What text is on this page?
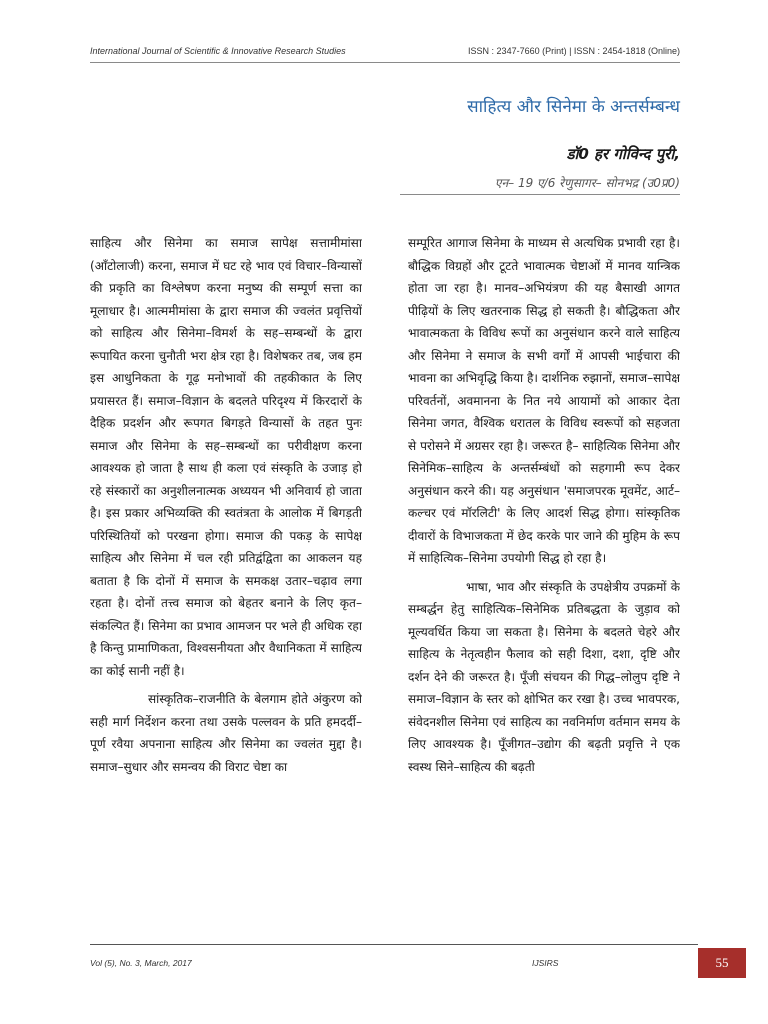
International Journal of Scientific & Innovative Research Studies	ISSN : 2347-7660 (Print) | ISSN : 2454-1818 (Online)
साहित्य और सिनेमा के अन्तर्सम्बन्ध
डॉ0 हर गोविन्द पुरी,
एन– 19 ए/6 रेणुसागर– सोनभद्र (उ0प्र0)

साहित्य और सिनेमा का समाज सापेक्ष सत्तामीमांसा (ऑंटोलाजी) करना, समाज में घट रहे भाव एवं विचार–विन्यासों की प्रकृति का विश्लेषण करना मनुष्य की सम्पूर्ण सत्ता का मूलाधार है। आत्ममीमांसा के द्वारा समाज की ज्वलंत प्रवृत्तियों को साहित्य और सिनेमा–विमर्श के सह–सम्बन्धों के द्वारा रूपायित करना चुनौती भरा क्षेत्र रहा है। विशेषकर तब, जब हम इस आधुनिकता के गूढ़ मनोभावों की तहकीकात के लिए प्रयासरत हैं। समाज–विज्ञान के बदलते परिदृश्य में किरदारों के दैहिक प्रदर्शन और रूपगत बिगड़ते विन्यासों के तहत पुनः समाज और सिनेमा के सह–सम्बन्धों का परीवीक्षण करना आवश्यक हो जाता है साथ ही कला एवं संस्कृति के उजाड़ हो रहे संस्कारों का अनुशीलनात्मक अध्ययन भी अनिवार्य हो जाता है। इस प्रकार अभिव्यक्ति की स्वतंत्रता के आलोक में बिगड़ती परिस्थितियों को परखना होगा। समाज की पकड़ के सापेक्ष साहित्य और सिनेमा में चल रही प्रतिद्वंद्विता का आकलन यह बताता है कि दोनों में समाज के समकक्ष उतार–चढ़ाव लगा रहता है। दोनों तत्त्व समाज को बेहतर बनाने के लिए कृत–संकल्पित हैं। सिनेमा का प्रभाव आमजन पर भले ही अधिक रहा है किन्तु प्रामाणिकता, विश्वसनीयता और वैधानिकता में साहित्य का कोई सानी नहीं है।

सांस्कृतिक–राजनीति के बेलगाम होते अंकुरण को सही मार्ग निर्देशन करना तथा उसके पल्लवन के प्रति हमदर्दी–पूर्ण रवैया अपनाना साहित्य और सिनेमा का ज्वलंत मुद्दा है। समाज–सुधार और समन्वय की विराट चेष्टा का

सम्पूरित आगाज सिनेमा के माध्यम से अत्यधिक प्रभावी रहा है। बौद्धिक विग्रहों और टूटते भावात्मक चेष्टाओं में मानव यान्त्रिक होता जा रहा है। मानव–अभियंत्रण की यह बैसाखी आगत पीढ़ियों के लिए खतरनाक सिद्ध हो सकती है। बौद्धिकता और भावात्मकता के विविध रूपों का अनुसंधान करने वाले साहित्य और सिनेमा ने समाज के सभी वर्गों में आपसी भाईचारा की भावना का अभिवृद्धि किया है। दार्शनिक रुझानों, समाज–सापेक्ष परिवर्तनों, अवमानना के नित नये आयामों को आकार देता सिनेमा जगत, वैश्विक धरातल के विविध स्वरूपों को सहजता से परोसने में अग्रसर रहा है। जरूरत है– साहित्यिक सिनेमा और सिनेमिक–साहित्य के अन्तर्सम्बंधों को सहगामी रूप देकर अनुसंधान करने की। यह अनुसंधान 'समाजपरक मूवमेंट, आर्ट–कल्चर एवं मॉरलिटी' के लिए आदर्श सिद्ध होगा। सांस्कृतिक दीवारों के विभाजकता में छेद करके पार जाने की मुहिम के रूप में साहित्यिक–सिनेमा उपयोगी सिद्ध हो रहा है।

भाषा, भाव और संस्कृति के उपक्षेत्रीय उपक्रमों के सम्बर्द्धन हेतु साहित्यिक–सिनेमिक प्रतिबद्धता के जुड़ाव को मूल्यवर्धित किया जा सकता है। सिनेमा के बदलते चेहरे और साहित्य के नेतृत्वहीन फैलाव को सही दिशा, दशा, दृष्टि और दर्शन देने की जरूरत है। पूँजी संचयन की गिद्ध–लोलुप दृष्टि ने समाज–विज्ञान के स्तर को क्षोभित कर रखा है। उच्च भावपरक, संवेदनशील सिनेमा एवं साहित्य का नवनिर्माण वर्तमान समय के लिए आवश्यक है। पूँजीगत–उद्योग की बढ़ती प्रवृत्ति ने एक स्वस्थ सिने–साहित्य की बढ़ती

Vol (5), No. 3, March, 2017	IJSIRS	55
